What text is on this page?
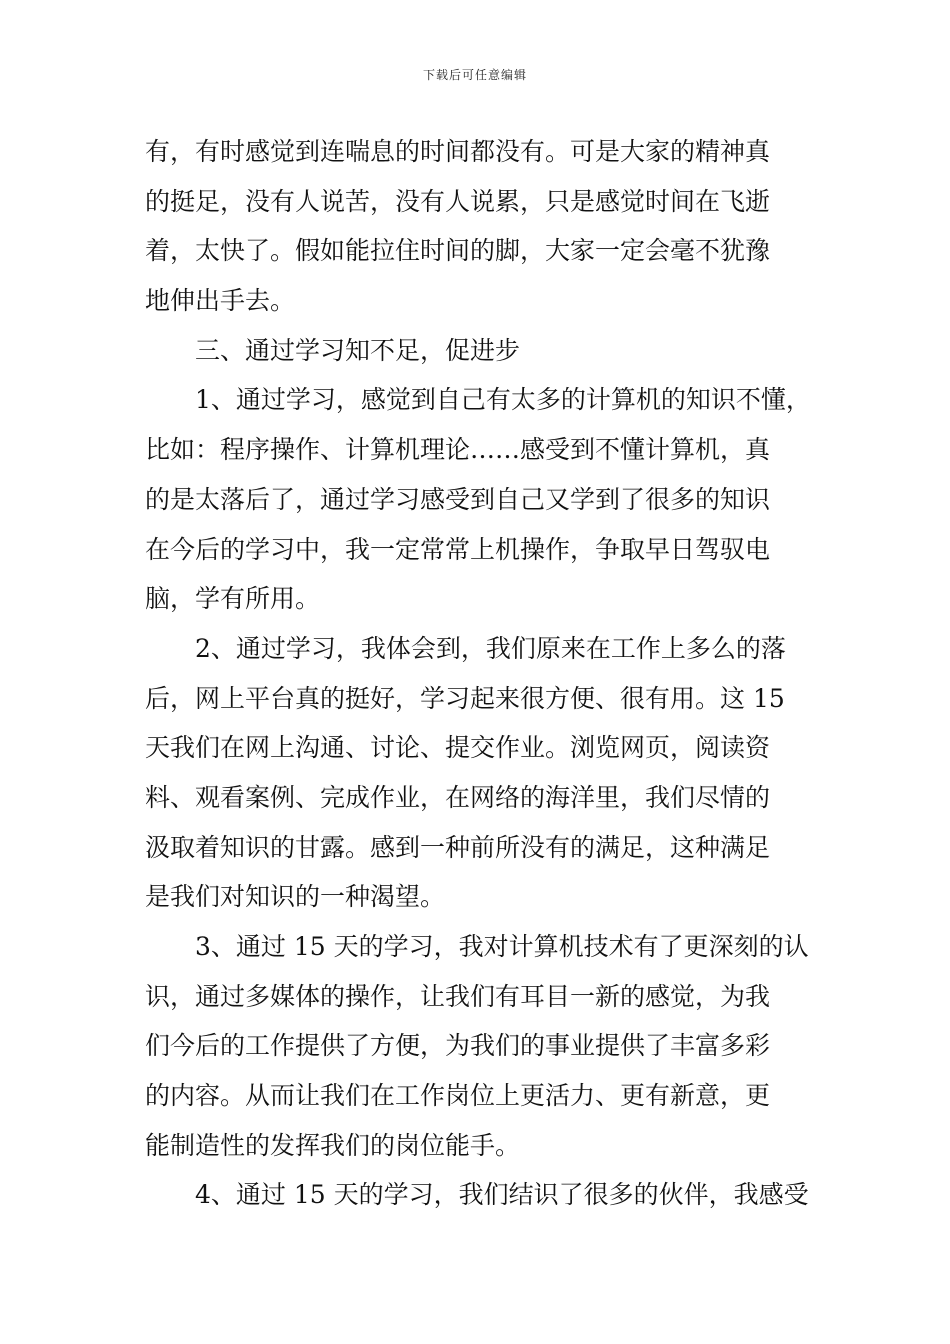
下载后可任意编辑
有，有时感觉到连喘息的时间都没有。可是大家的精神真
的挺足，没有人说苦，没有人说累，只是感觉时间在飞逝
着，太快了。假如能拉住时间的脚，大家一定会毫不犹豫
地伸出手去。
三、通过学习知不足，促进步
1、通过学习，感觉到自己有太多的计算机的知识不懂，
比如：程序操作、计算机理论……感受到不懂计算机，真
的是太落后了，通过学习感受到自己又学到了很多的知识
在今后的学习中，我一定常常上机操作，争取早日驾驭电
脑，学有所用。
2、通过学习，我体会到，我们原来在工作上多么的落
后，网上平台真的挺好，学习起来很方便、很有用。这 15
天我们在网上沟通、讨论、提交作业。浏览网页，阅读资
料、观看案例、完成作业，在网络的海洋里，我们尽情的
汲取着知识的甘露。感到一种前所没有的满足，这种满足
是我们对知识的一种渴望。
3、通过 15 天的学习，我对计算机技术有了更深刻的认
识，通过多媒体的操作，让我们有耳目一新的感觉，为我
们今后的工作提供了方便，为我们的事业提供了丰富多彩
的内容。从而让我们在工作岗位上更活力、更有新意，更
能制造性的发挥我们的岗位能手。
4、通过 15 天的学习，我们结识了很多的伙伴，我感受
